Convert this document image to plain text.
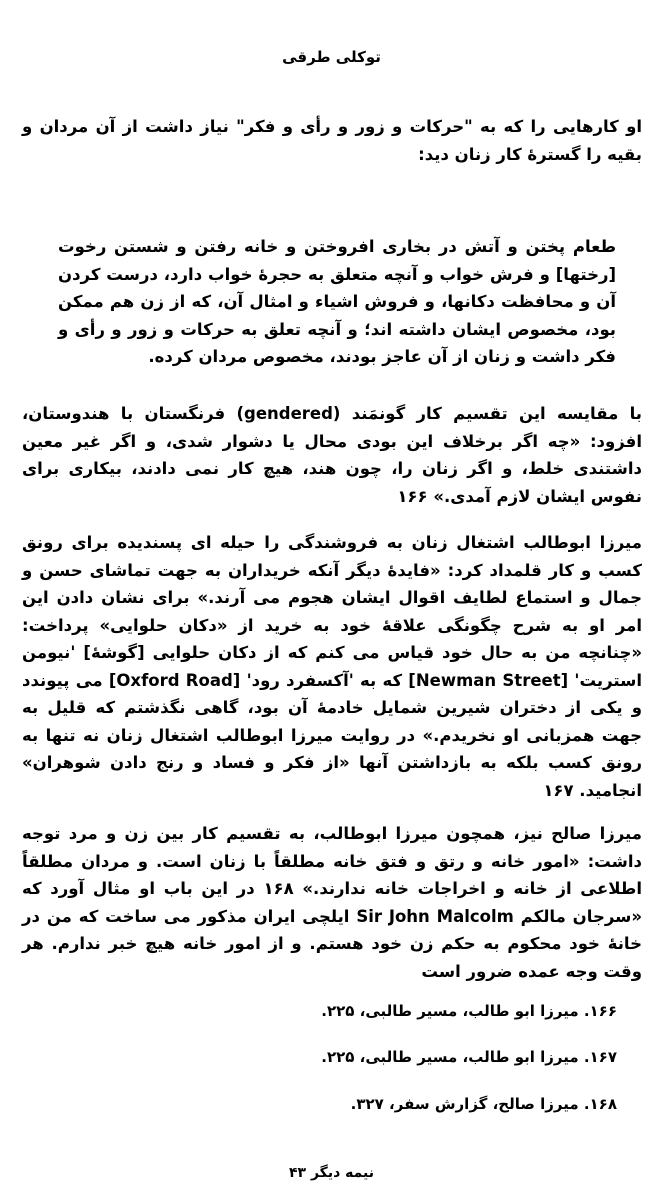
توکلی طرقی

او کارهایی را که به "حرکات و زور و رأی و فکر" نیاز داشت از آن مردان و بقیه را گسترهٔ کار زنان دید:

طعام پختن و آتش در بخاری افروختن و خانه رفتن و شستن رخوت [رختها] و فرش خواب و آنچه متعلق به حجرهٔ خواب دارد، درست کردن آن و محافظت دکانها، و فروش اشیاء و امثال آن، که از زن هم ممکن بود، مخصوص ایشان داشته اند؛ و آنچه تعلق به حرکات و زور و رأی و فکر داشت و زنان از آن عاجز بودند، مخصوص مردان کرده.

با مقایسه این تقسیم کار گونمَند (gendered) فرنگستان با هندوستان، افزود: «چه اگر برخلاف این بودی محال یا دشوار شدی، و اگر غیر معین داشتندی خلط، و اگر زنان را، چون هند، هیچ کار نمی دادند، بیکاری برای نفوس ایشان لازم آمدی.» ۱۶۶

میرزا ابوطالب اشتغال زنان به فروشندگی را حیله ای پسندیده برای رونق کسب و کار قلمداد کرد: «فایدهٔ دیگر آنکه خریداران به جهت تماشای حسن و جمال و استماع لطایف اقوال ایشان هجوم می آرند.» برای نشان دادن این امر او به شرح چگونگی علاقهٔ خود به خرید از «دکان حلوایی» پرداخت: «چنانچه من به حال خود قیاس می کنم که از دکان حلوایی [گوشهٔ] 'نیومن استریت' [Newman Street] که به 'آکسفرد رود' [Oxford Road] می پیوندد و یکی از دختران شیرین شمایل خادمهٔ آن بود، گاهی نگذشتم که قلیل به جهت همزبانی او نخریدم.» در روایت میرزا ابوطالب اشتغال زنان نه تنها به رونق کسب بلکه به بازداشتن آنها «از فکر و فساد و رنج دادن شوهران» انجامید. ۱۶۷

میرزا صالح نیز، همچون میرزا ابوطالب، به تقسیم کار بین زن و مرد توجه داشت: «امور خانه و رتق و فتق خانه مطلقاً با زنان است. و مردان مطلقاً اطلاعی از خانه و اخراجات خانه ندارند.» ۱۶۸ در این باب او مثال آورد که «سرجان مالکم Sir John Malcolm ایلچی ایران مذکور می ساخت که من در خانهٔ خود محکوم به حکم زن خود هستم. و از امور خانه هیچ خبر ندارم. هر وقت وجه عمده ضرور است

۱۶۶. میرزا ابو طالب، مسیر طالبی، ۲۲۵.

۱۶۷. میرزا ابو طالب، مسیر طالبی، ۲۲۵.

۱۶۸. میرزا صالح، گزارش سفر، ۳۲۷.

نیمه دیگر ۴۳
